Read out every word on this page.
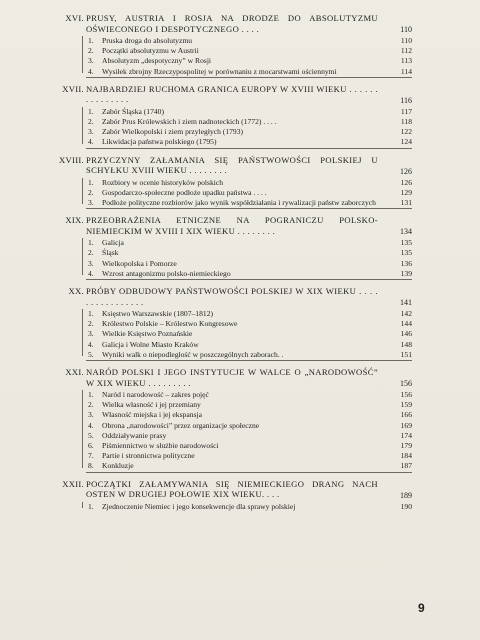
XVI. PRUSY, AUSTRIA I ROSJA NA DRODZE DO ABSOLUTYZMU OŚWIECONEGO I DESPOTYCZNEGO . . . .	110
1.	Pruska droga do absolutyzmu	110
2.	Początki absolutyzmu w Austrii	112
3.	Absolutyzm „despotyczny” w Rosji	113
4.	Wysiłek zbrojny Rzeczypospolitej w porównaniu z mocarstwami ościennymi	114
XVII. NAJBARDZIEJ RUCHOMA GRANICA EUROPY W XVIII WIEKU . . . . . . . . . . . . . . .	116
1.	Zabór Śląska (1740)	117
2.	Zabór Prus Królewskich i ziem nadnoteckich (1772) . . . .	118
3.	Zabór Wielkopolski i ziem przyległych (1793)	122
4.	Likwidacja państwa polskiego (1795)	124
XVIII. PRZYCZYNY ZAŁAMANIA SIĘ PAŃSTWOWOŚCI POLSKIEJ U SCHYŁKU XVIII WIEKU . . . . . . . .	126
1.	Rozbiory w ocenie historyków polskich	126
2.	Gospodarczo-społeczne podłoże upadku państwa . . . .	129
3.	Podłoże polityczne rozbiorów jako wynik współdziałania i rywalizacji państw zaborczych	131
XIX. PRZEOBRAŻENIA ETNICZNE NA POGRANICZU POLSKO-NIEMIECKIM W XVIII I XIX WIEKU . . . . . . . .	134
1.	Galicja	135
2.	Śląsk	135
3.	Wielkopolska i Pomorze	136
4.	Wzrost antagonizmu polsko-niemieckiego	139
XX. PRÓBY ODBUDOWY PAŃSTWOWOŚCI POLSKIEJ W XIX WIEKU . . . . . . . . . . . . . . . .	141
1.	Księstwo Warszawskie (1807–1812)	142
2.	Królestwo Polskie – Królestwo Kongresowe	144
3.	Wielkie Księstwo Poznańskie	146
4.	Galicja i Wolne Miasto Kraków	148
5.	Wyniki walk o niepodległość w poszczególnych zaborach. .	151
XXI. NARÓD POLSKI I JEGO INSTYTUCJE W WALCE O „NARODOWOŚĆ” W XIX WIEKU . . . . . . . . .	156
1.	Naród i narodowość – zakres pojęć	156
2.	Wielka własność i jej przemiany	159
3.	Własność miejska i jej ekspansja	166
4.	Obrona „narodowości” przez organizacje społeczne	169
5.	Oddziaływanie prasy	174
6.	Piśmiennictwo w służbie narodowości	179
7.	Partie i stronnictwa polityczne	184
8.	Konkluzje	187
XXII. POCZĄTKI ZAŁAMYWANIA SIĘ NIEMIECKIEGO DRANG NACH OSTEN W DRUGIEJ POŁOWIE XIX WIEKU. . . .	189
1.	Zjednoczenie Niemiec i jego konsekwencje dla sprawy polskiej	190
9
